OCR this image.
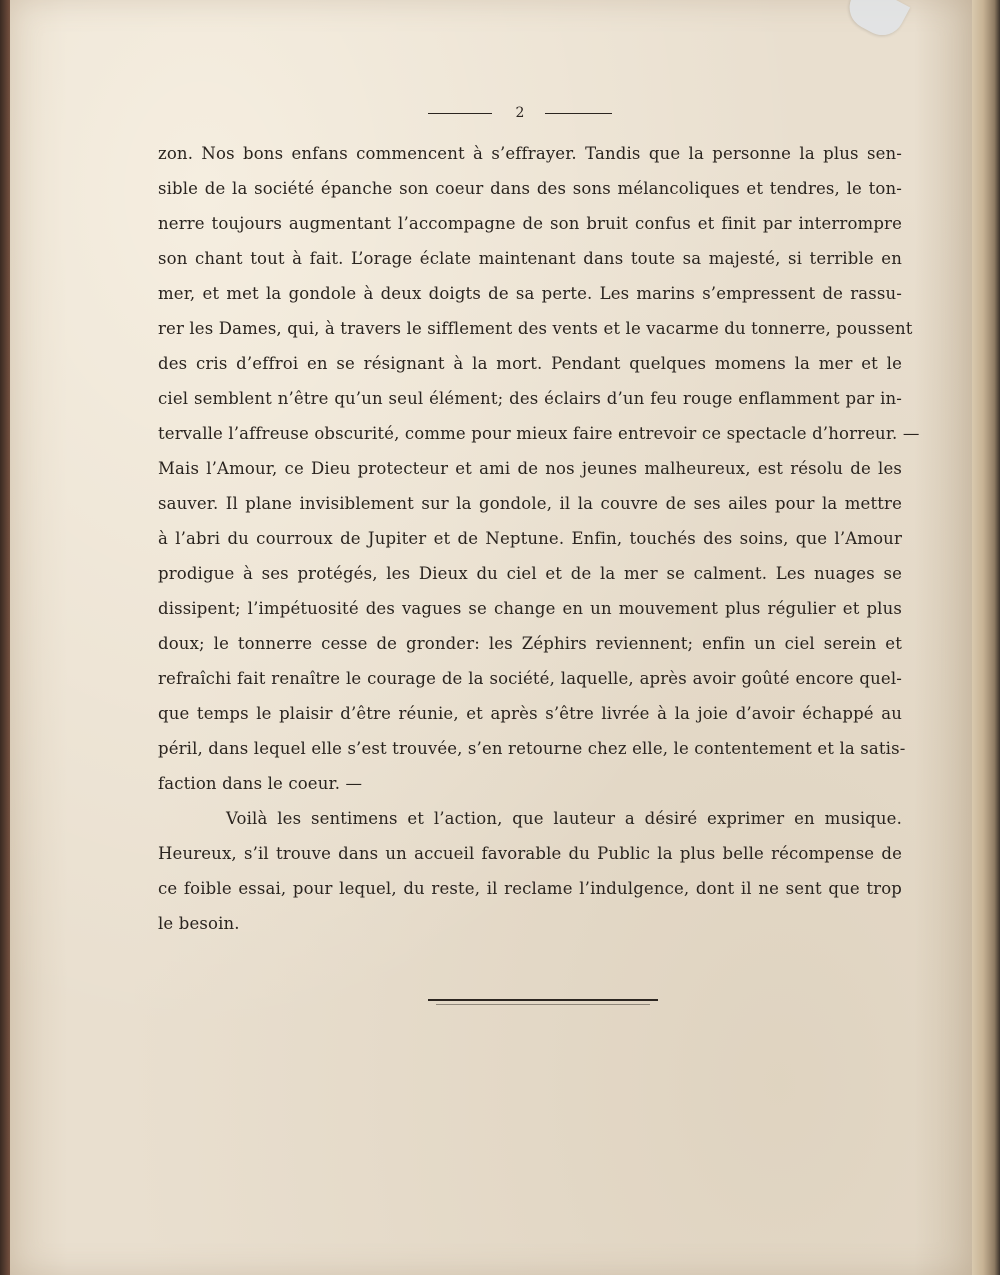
2
zon. Nos bons enfans commencent à s’effrayer. Tandis que la personne la plus sen-
sible de la société épanche son coeur dans des sons mélancoliques et tendres, le ton-
nerre toujours augmentant l’accompagne de son bruit confus et finit par interrompre
son chant tout à fait. L’orage éclate maintenant dans toute sa majesté, si terrible en
mer, et met la gondole à deux doigts de sa perte. Les marins s’empressent de rassu-
rer les Dames, qui, à travers le sifflement des vents et le vacarme du tonnerre, poussent
des cris d’effroi en se résignant à la mort. Pendant quelques momens la mer et le
ciel semblent n’être qu’un seul élément; des éclairs d’un feu rouge enflamment par in-
tervalle l’affreuse obscurité, comme pour mieux faire entrevoir ce spectacle d’horreur. —
Mais l’Amour, ce Dieu protecteur et ami de nos jeunes malheureux, est résolu de les
sauver. Il plane invisiblement sur la gondole, il la couvre de ses ailes pour la mettre
à l’abri du courroux de Jupiter et de Neptune. Enfin, touchés des soins, que l’Amour
prodigue à ses protégés, les Dieux du ciel et de la mer se calment. Les nuages se
dissipent; l’impétuosité des vagues se change en un mouvement plus régulier et plus
doux; le tonnerre cesse de gronder: les Zéphirs reviennent; enfin un ciel serein et
refraîchi fait renaître le courage de la société, laquelle, après avoir goûté encore quel-
que temps le plaisir d’être réunie, et après s’être livrée à la joie d’avoir échappé au
péril, dans lequel elle s’est trouvée, s’en retourne chez elle, le contentement et la satis-
faction dans le coeur. —
Voilà les sentimens et l’action, que lauteur a désiré exprimer en musique.
Heureux, s’il trouve dans un accueil favorable du Public la plus belle récompense de
ce foible essai, pour lequel, du reste, il reclame l’indulgence, dont il ne sent que trop
le besoin.
